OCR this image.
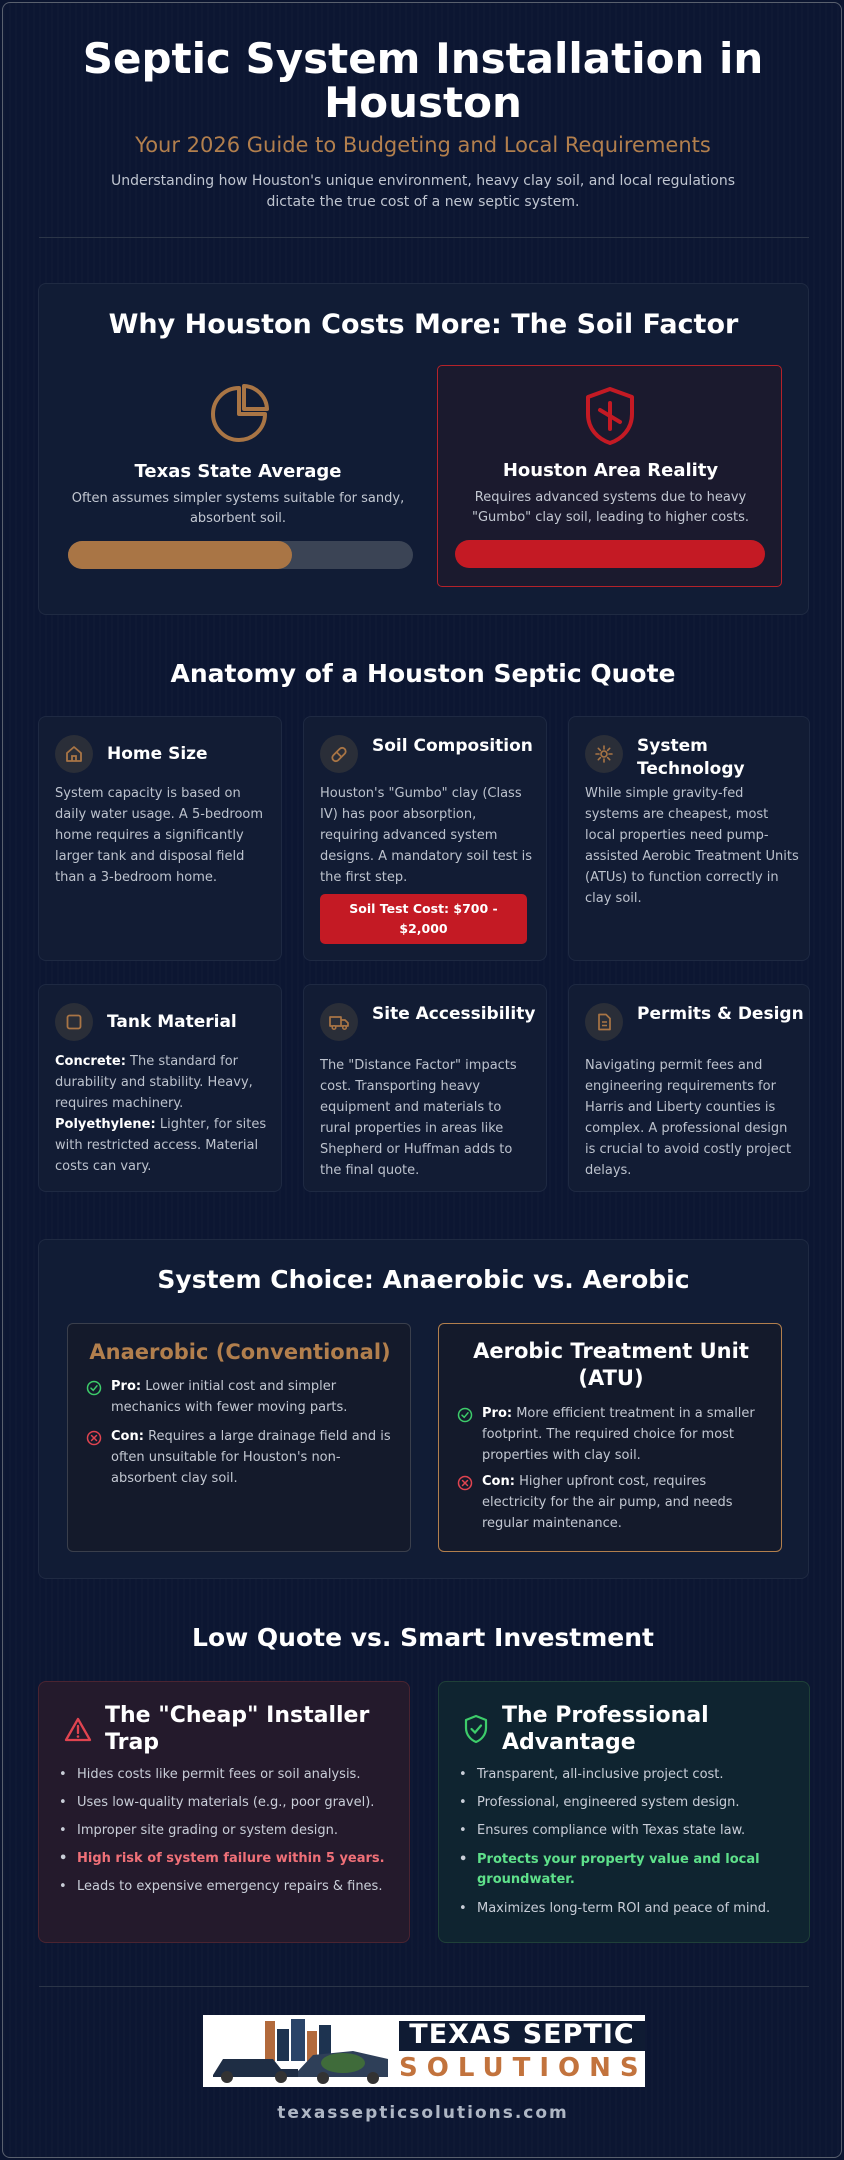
Septic System Installation in Houston
Your 2026 Guide to Budgeting and Local Requirements
Understanding how Houston's unique environment, heavy clay soil, and local regulations dictate the true cost of a new septic system.
Why Houston Costs More: The Soil Factor
Texas State Average
Often assumes simpler systems suitable for sandy, absorbent soil.
Houston Area Reality
Requires advanced systems due to heavy "Gumbo" clay soil, leading to higher costs.
Anatomy of a Houston Septic Quote
Home Size
System capacity is based on daily water usage. A 5-bedroom home requires a significantly larger tank and disposal field than a 3-bedroom home.
Soil Composition
Houston's "Gumbo" clay (Class IV) has poor absorption, requiring advanced system designs. A mandatory soil test is the first step.
Soil Test Cost: $700 - $2,000
System Technology
While simple gravity-fed systems are cheapest, most local properties need pump-assisted Aerobic Treatment Units (ATUs) to function correctly in clay soil.
Tank Material
Concrete: The standard for durability and stability. Heavy, requires machinery.
Polyethylene: Lighter, for sites with restricted access. Material costs can vary.
Site Accessibility
The "Distance Factor" impacts cost. Transporting heavy equipment and materials to rural properties in areas like Shepherd or Huffman adds to the final quote.
Permits & Design
Navigating permit fees and engineering requirements for Harris and Liberty counties is complex. A professional design is crucial to avoid costly project delays.
System Choice: Anaerobic vs. Aerobic
Anaerobic (Conventional)
Pro: Lower initial cost and simpler mechanics with fewer moving parts.
Con: Requires a large drainage field and is often unsuitable for Houston's non-absorbent clay soil.
Aerobic Treatment Unit (ATU)
Pro: More efficient treatment in a smaller footprint. The required choice for most properties with clay soil.
Con: Higher upfront cost, requires electricity for the air pump, and needs regular maintenance.
Low Quote vs. Smart Investment
The "Cheap" Installer Trap
• Hides costs like permit fees or soil analysis.
• Uses low-quality materials (e.g., poor gravel).
• Improper site grading or system design.
• High risk of system failure within 5 years.
• Leads to expensive emergency repairs & fines.
The Professional Advantage
• Transparent, all-inclusive project cost.
• Professional, engineered system design.
• Ensures compliance with Texas state law.
• Protects your property value and local groundwater.
• Maximizes long-term ROI and peace of mind.
TEXAS SEPTIC
SOLUTIONS
texassepticsolutions.com
